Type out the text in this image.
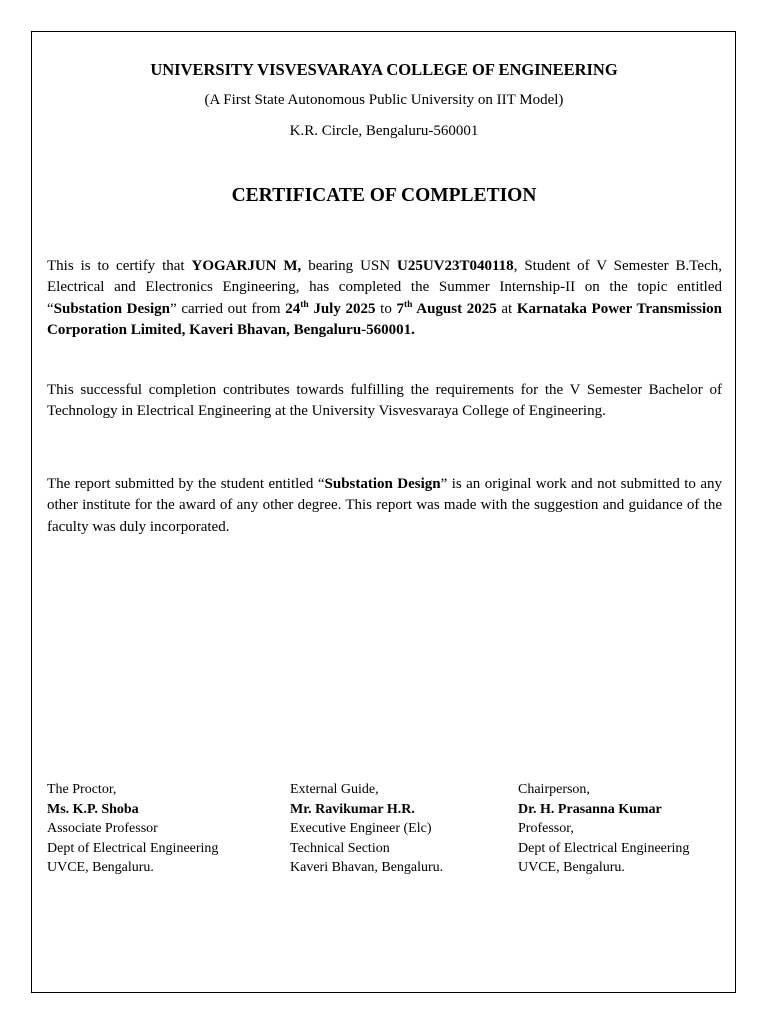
UNIVERSITY VISVESVARAYA COLLEGE OF ENGINEERING
(A First State Autonomous Public University on IIT Model)
K.R. Circle, Bengaluru-560001
CERTIFICATE OF COMPLETION
This is to certify that YOGARJUN M, bearing USN U25UV23T040118, Student of V Semester B.Tech, Electrical and Electronics Engineering, has completed the Summer Internship-II on the topic entitled “Substation Design” carried out from 24th July 2025 to 7th August 2025 at Karnataka Power Transmission Corporation Limited, Kaveri Bhavan, Bengaluru-560001.
This successful completion contributes towards fulfilling the requirements for the V Semester Bachelor of Technology in Electrical Engineering at the University Visvesvaraya College of Engineering.
The report submitted by the student entitled “Substation Design” is an original work and not submitted to any other institute for the award of any other degree. This report was made with the suggestion and guidance of the faculty was duly incorporated.
The Proctor,
Ms. K.P. Shoba
Associate Professor
Dept of Electrical Engineering
UVCE, Bengaluru.
External Guide,
Mr. Ravikumar H.R.
Executive Engineer (Elc)
Technical Section
Kaveri Bhavan, Bengaluru.
Chairperson,
Dr. H. Prasanna Kumar
Professor,
Dept of Electrical Engineering
UVCE, Bengaluru.
